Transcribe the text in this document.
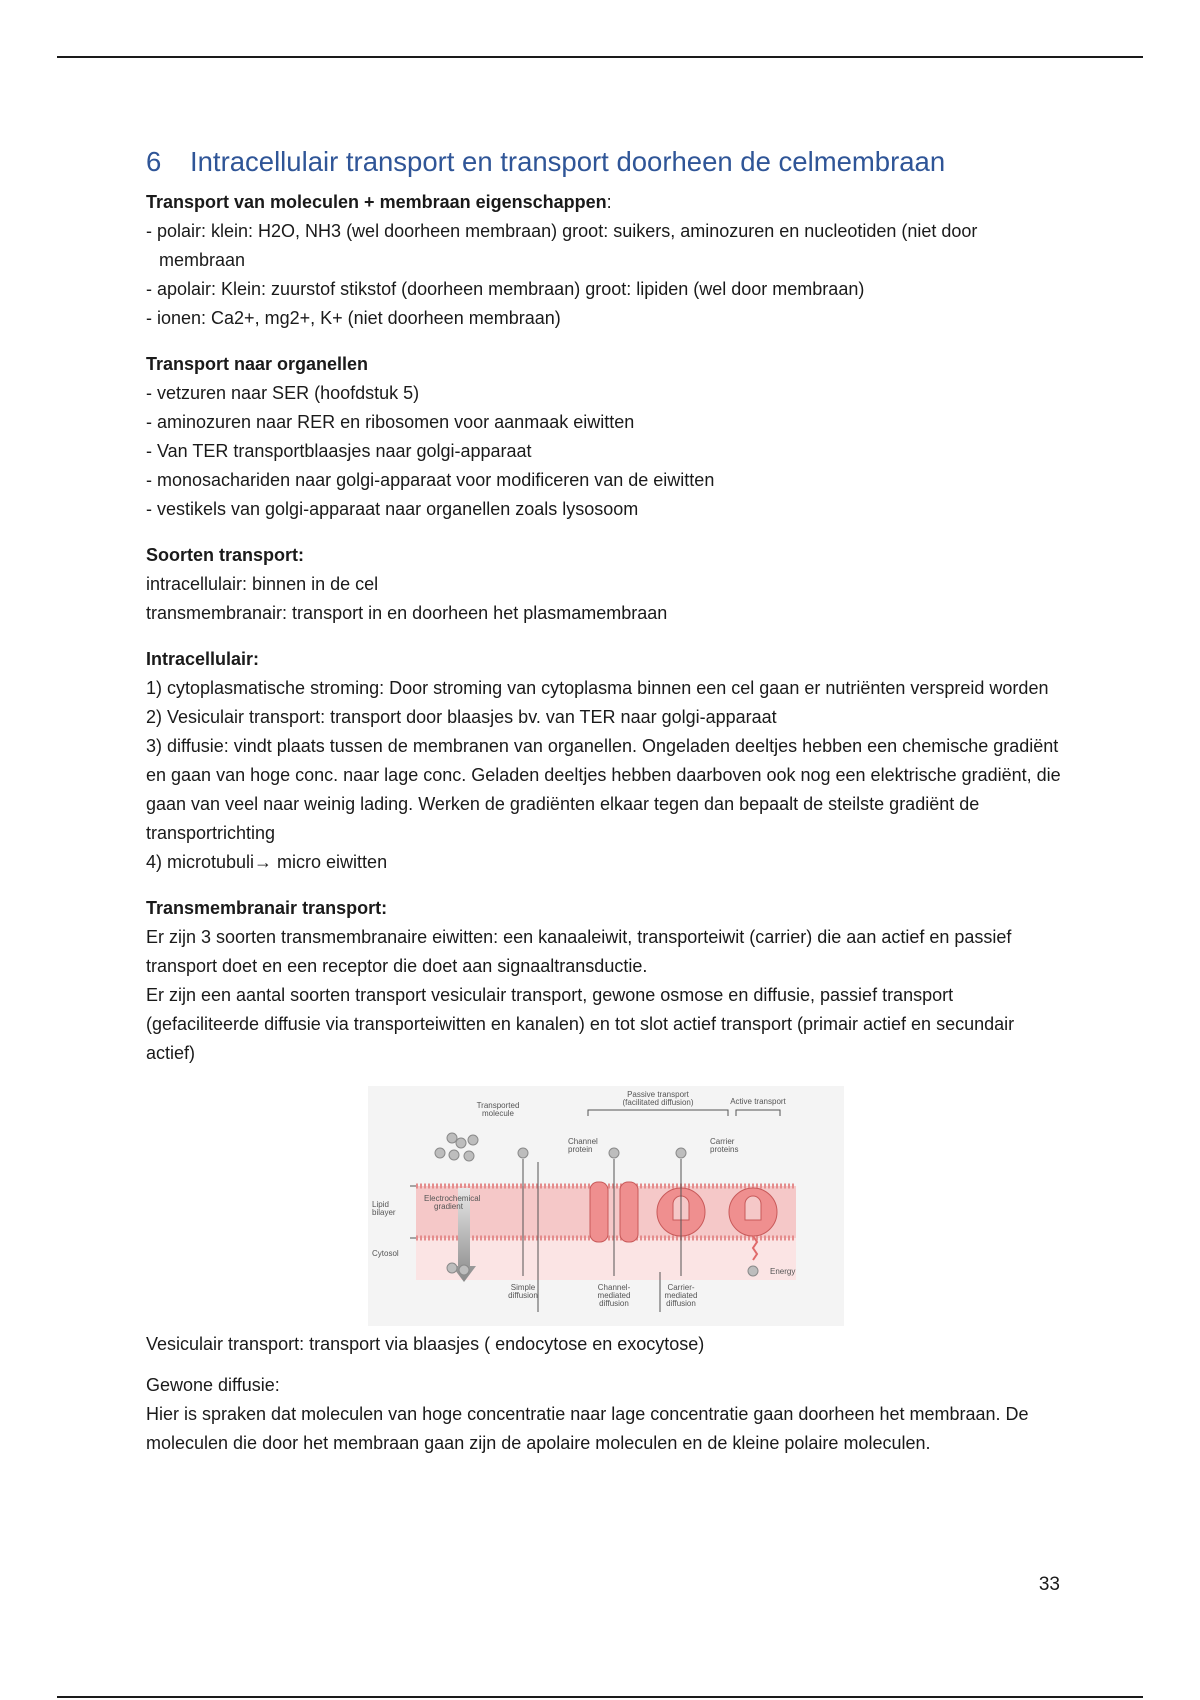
6 Intracellulair transport en transport doorheen de celmembraan

Transport van moleculen + membraan eigenschappen:

- polair: klein: H2O, NH3 (wel doorheen membraan) groot: suikers, aminozuren en nucleotiden (niet door membraan
- apolair: Klein: zuurstof stikstof (doorheen membraan) groot: lipiden (wel door membraan)
- ionen: Ca2+, mg2+, K+ (niet doorheen membraan)

Transport naar organellen

- vetzuren naar SER (hoofdstuk 5)
- aminozuren naar RER en ribosomen voor aanmaak eiwitten
- Van TER transportblaasjes naar golgi-apparaat
- monosachariden naar golgi-apparaat voor modificeren van de eiwitten
- vestikels van golgi-apparaat naar organellen zoals lysosoom

Soorten transport:

intracellulair: binnen in de cel

transmembranair: transport in en doorheen het plasmamembraan

Intracellulair:

1) cytoplasmatische stroming: Door stroming van cytoplasma binnen een cel gaan er nutriënten verspreid worden

2) Vesiculair transport: transport door blaasjes bv. van TER naar golgi-apparaat

3) diffusie: vindt plaats tussen de membranen van organellen. Ongeladen deeltjes hebben een chemische gradiënt en gaan van hoge conc. naar lage conc. Geladen deeltjes hebben daarboven ook nog een elektrische gradiënt, die gaan van veel naar weinig lading. Werken de gradiënten elkaar tegen dan bepaalt de steilste gradiënt de transportrichting

4) microtubuli→ micro eiwitten

Transmembranair transport:

Er zijn 3 soorten transmembranaire eiwitten: een kanaaleiwit, transporteiwit (carrier) die aan actief en passief transport doet en een receptor die doet aan signaaltransductie.

Er zijn een aantal soorten transport vesiculair transport, gewone osmose en diffusie, passief transport (gefaciliteerde diffusie via transporteiwitten en kanalen) en tot slot actief transport (primair actief en secundair actief)

Passive transport
(facilitated diffusion)	Active transport
Transported
molecule
Channel
protein
Carrier
proteins
Lipid
bilayer
Cytosol
Electrochemical
gradient
Simple
diffusion
Channel-
mediated
diffusion
Carrier-
mediated
diffusion
Energy

Vesiculair transport: transport via blaasjes ( endocytose en exocytose)

Gewone diffusie:

Hier is spraken dat moleculen van hoge concentratie naar lage concentratie gaan doorheen het membraan. De moleculen die door het membraan gaan zijn de apolaire moleculen en de kleine polaire moleculen.

33
